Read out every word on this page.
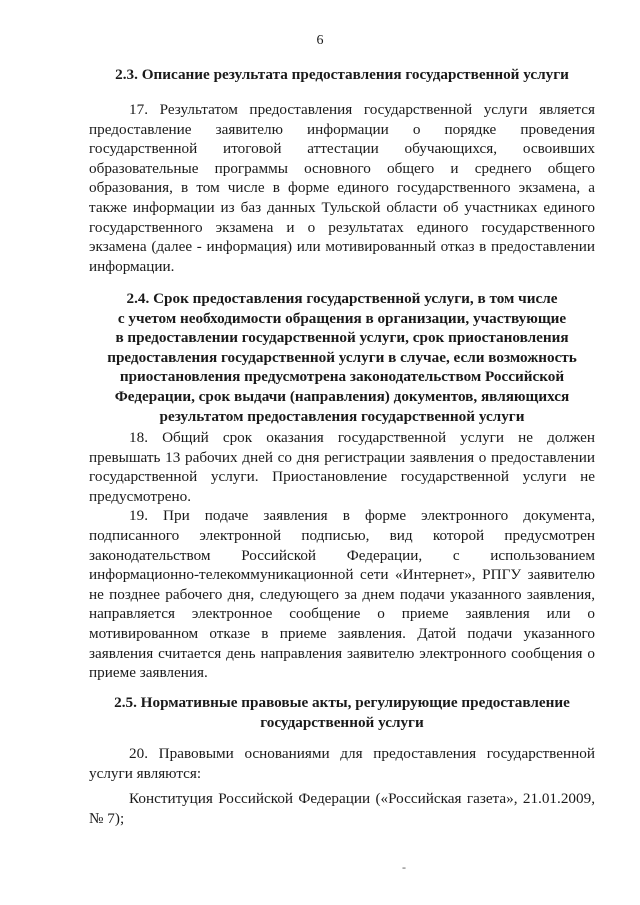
6

2.3. Описание результата предоставления государственной услуги

17. Результатом предоставления государственной услуги является предоставление заявителю информации о порядке проведения государственной итоговой аттестации обучающихся, освоивших образовательные программы основного общего и среднего общего образования, в том числе в форме единого государственного экзамена, а также информации из баз данных Тульской области об участниках единого государственного экзамена и о результатах единого государственного экзамена (далее - информация) или мотивированный отказ в предоставлении информации.

2.4. Срок предоставления государственной услуги, в том числе
с учетом необходимости обращения в организации, участвующие
в предоставлении государственной услуги, срок приостановления
предоставления государственной услуги в случае, если возможность
приостановления предусмотрена законодательством Российской
Федерации, срок выдачи (направления) документов, являющихся
результатом предоставления государственной услуги

18. Общий срок оказания государственной услуги не должен превышать 13 рабочих дней со дня регистрации заявления о предоставлении государственной услуги. Приостановление государственной услуги не предусмотрено.

19. При подаче заявления в форме электронного документа, подписанного электронной подписью, вид которой предусмотрен законодательством Российской Федерации, с использованием информационно-телекоммуникационной сети «Интернет», РПГУ заявителю не позднее рабочего дня, следующего за днем подачи указанного заявления, направляется электронное сообщение о приеме заявления или о мотивированном отказе в приеме заявления. Датой подачи указанного заявления считается день направления заявителю электронного сообщения о приеме заявления.

2.5. Нормативные правовые акты, регулирующие предоставление
государственной услуги

20. Правовыми основаниями для предоставления государственной услуги являются:

Конституция Российской Федерации («Российская газета», 21.01.2009, № 7);

-
